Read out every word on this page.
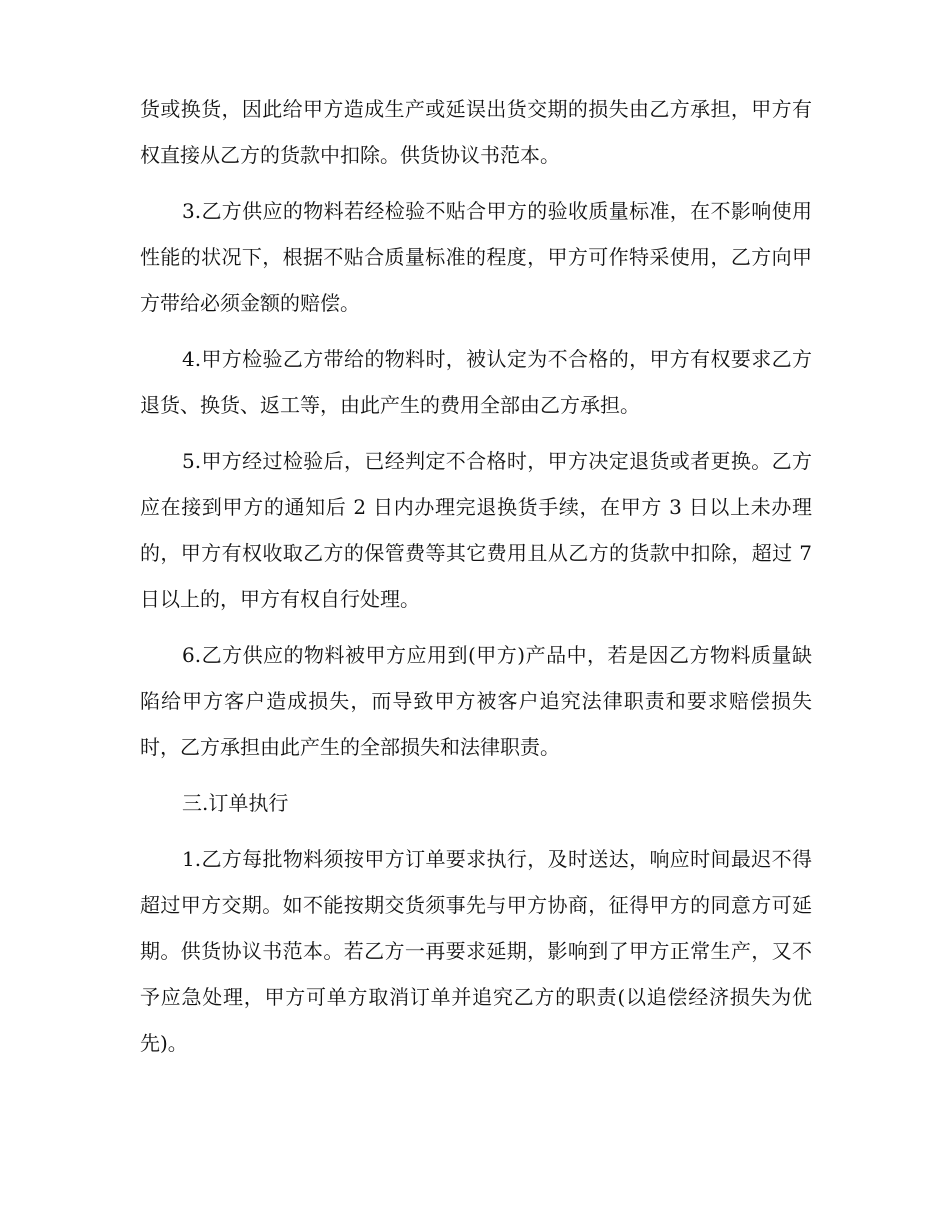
货或换货，因此给甲方造成生产或延误出货交期的损失由乙方承担，甲方有权直接从乙方的货款中扣除。供货协议书范本。

3.乙方供应的物料若经检验不贴合甲方的验收质量标准，在不影响使用性能的状况下，根据不贴合质量标准的程度，甲方可作特采使用，乙方向甲方带给必须金额的赔偿。

4.甲方检验乙方带给的物料时，被认定为不合格的，甲方有权要求乙方退货、换货、返工等，由此产生的费用全部由乙方承担。

5.甲方经过检验后，已经判定不合格时，甲方决定退货或者更换。乙方应在接到甲方的通知后 2 日内办理完退换货手续，在甲方 3 日以上未办理的，甲方有权收取乙方的保管费等其它费用且从乙方的货款中扣除，超过 7 日以上的，甲方有权自行处理。

6.乙方供应的物料被甲方应用到(甲方)产品中，若是因乙方物料质量缺陷给甲方客户造成损失，而导致甲方被客户追究法律职责和要求赔偿损失时，乙方承担由此产生的全部损失和法律职责。

三.订单执行

1.乙方每批物料须按甲方订单要求执行，及时送达，响应时间最迟不得超过甲方交期。如不能按期交货须事先与甲方协商，征得甲方的同意方可延期。供货协议书范本。若乙方一再要求延期，影响到了甲方正常生产，又不予应急处理，甲方可单方取消订单并追究乙方的职责(以追偿经济损失为优先)。
